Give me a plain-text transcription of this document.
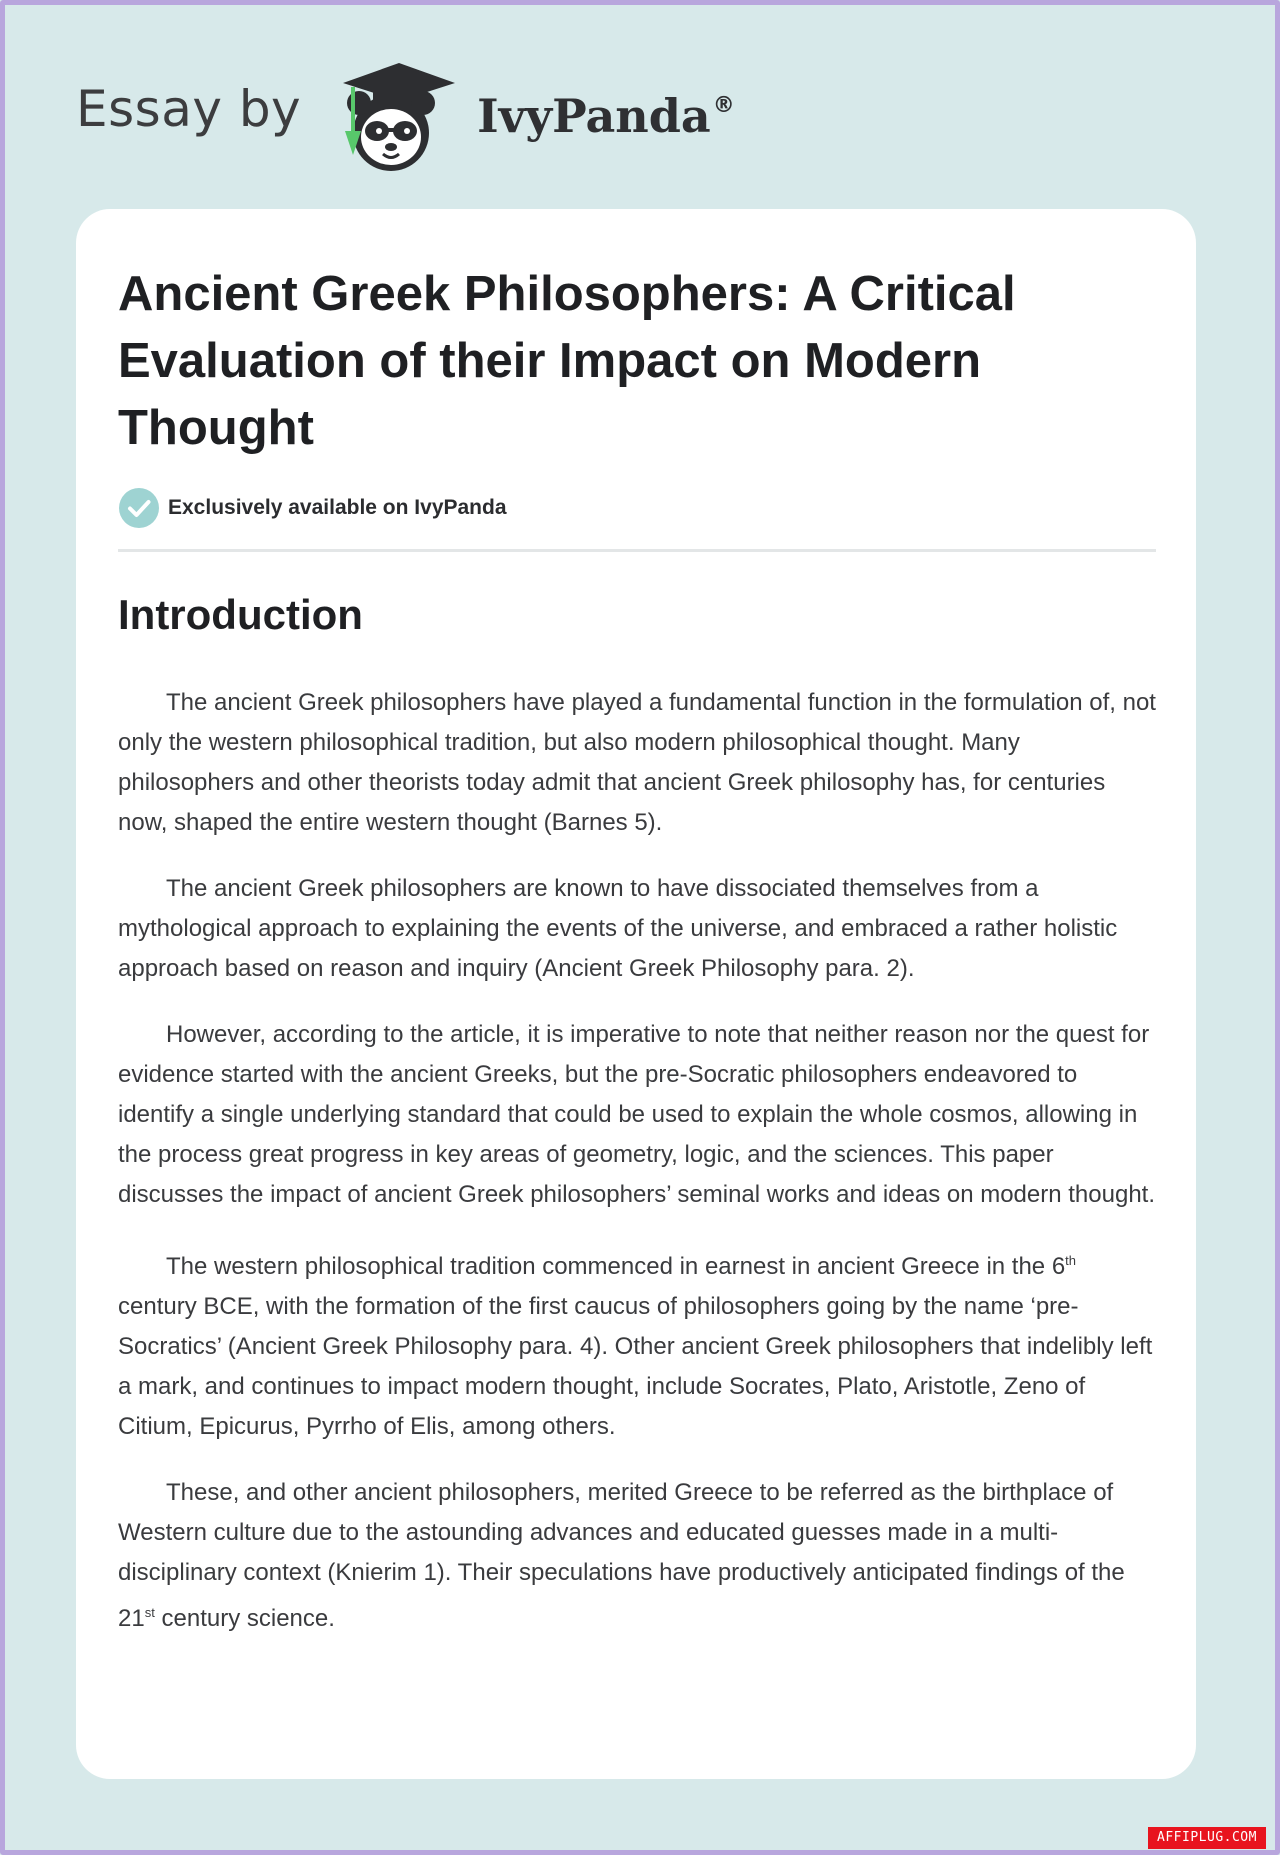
Essay by	IvyPanda®
Ancient Greek Philosophers: A Critical Evaluation of their Impact on Modern Thought
Exclusively available on IvyPanda
Introduction

The ancient Greek philosophers have played a fundamental function in the formulation of, not only the western philosophical tradition, but also modern philosophical thought. Many philosophers and other theorists today admit that ancient Greek philosophy has, for centuries now, shaped the entire western thought (Barnes 5).

The ancient Greek philosophers are known to have dissociated themselves from a mythological approach to explaining the events of the universe, and embraced a rather holistic approach based on reason and inquiry (Ancient Greek Philosophy para. 2).

However, according to the article, it is imperative to note that neither reason nor the quest for evidence started with the ancient Greeks, but the pre-Socratic philosophers endeavored to identify a single underlying standard that could be used to explain the whole cosmos, allowing in the process great progress in key areas of geometry, logic, and the sciences. This paper discusses the impact of ancient Greek philosophers’ seminal works and ideas on modern thought.

The western philosophical tradition commenced in earnest in ancient Greece in the 6th century BCE, with the formation of the first caucus of philosophers going by the name ‘pre-Socratics’ (Ancient Greek Philosophy para. 4). Other ancient Greek philosophers that indelibly left a mark, and continues to impact modern thought, include Socrates, Plato, Aristotle, Zeno of Citium, Epicurus, Pyrrho of Elis, among others.

These, and other ancient philosophers, merited Greece to be referred as the birthplace of Western culture due to the astounding advances and educated guesses made in a multi-disciplinary context (Knierim 1). Their speculations have productively anticipated findings of the 21st century science.

AFFIPLUG.COM
